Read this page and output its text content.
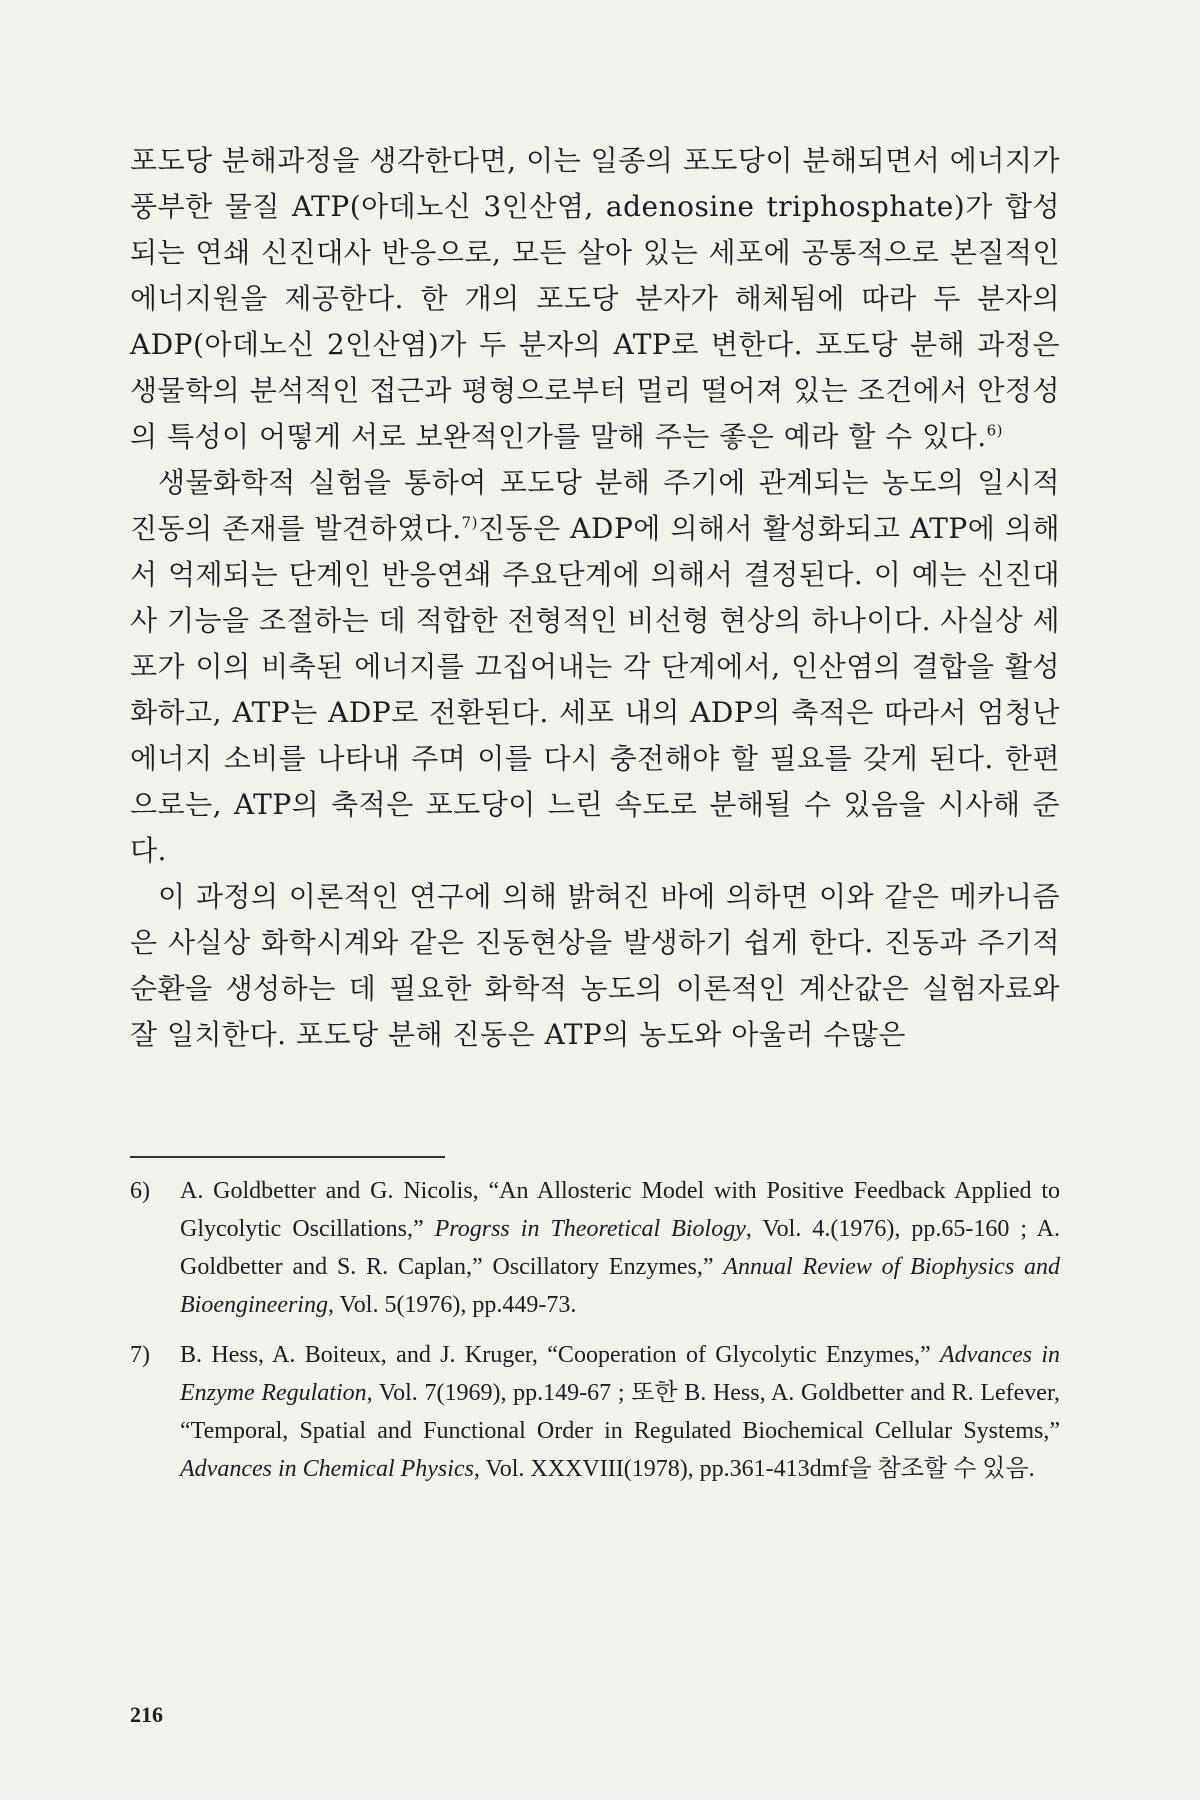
포도당 분해과정을 생각한다면, 이는 일종의 포도당이 분해되면서 에너지가 풍부한 물질 ATP(아데노신 3인산염, adenosine triphosphate)가 합성되는 연쇄 신진대사 반응으로, 모든 살아 있는 세포에 공통적으로 본질적인 에너지원을 제공한다. 한 개의 포도당 분자가 해체됨에 따라 두 분자의 ADP(아데노신 2인산염)가 두 분자의 ATP로 변한다. 포도당 분해 과정은 생물학의 분석적인 접근과 평형으로부터 멀리 떨어져 있는 조건에서 안정성의 특성이 어떻게 서로 보완적인가를 말해 주는 좋은 예라 할 수 있다.$^{6)}$

생물화학적 실험을 통하여 포도당 분해 주기에 관계되는 농도의 일시적 진동의 존재를 발견하였다.$^{7)}$진동은 ADP에 의해서 활성화되고 ATP에 의해서 억제되는 단계인 반응연쇄 주요단계에 의해서 결정된다. 이 예는 신진대사 기능을 조절하는 데 적합한 전형적인 비선형 현상의 하나이다. 사실상 세포가 이의 비축된 에너지를 끄집어내는 각 단계에서, 인산염의 결합을 활성화하고, ATP는 ADP로 전환된다. 세포 내의 ADP의 축적은 따라서 엄청난 에너지 소비를 나타내 주며 이를 다시 충전해야 할 필요를 갖게 된다. 한편으로는, ATP의 축적은 포도당이 느린 속도로 분해될 수 있음을 시사해 준다.

이 과정의 이론적인 연구에 의해 밝혀진 바에 의하면 이와 같은 메카니즘은 사실상 화학시계와 같은 진동현상을 발생하기 쉽게 한다. 진동과 주기적 순환을 생성하는 데 필요한 화학적 농도의 이론적인 계산값은 실험자료와 잘 일치한다. 포도당 분해 진동은 ATP의 농도와 아울러 수많은

6) A. Goldbetter and G. Nicolis, “An Allosteric Model with Positive Feedback Applied to Glycolytic Oscillations,” Progrss in Theoretical Biology, Vol. 4.(1976), pp.65-160 ; A. Goldbetter and S. R. Caplan,” Oscillatory Enzymes,” Annual Review of Biophysics and Bioengineering, Vol. 5(1976), pp.449-73.
7) B. Hess, A. Boiteux, and J. Kruger, “Cooperation of Glycolytic Enzymes,” Advances in Enzyme Regulation, Vol. 7(1969), pp.149-67 ; 또한 B. Hess, A. Goldbetter and R. Lefever, “Temporal, Spatial and Functional Order in Regulated Biochemical Cellular Systems,” Advances in Chemical Physics, Vol. XXXVIII(1978), pp.361-413dmf을 참조할 수 있음.
216
